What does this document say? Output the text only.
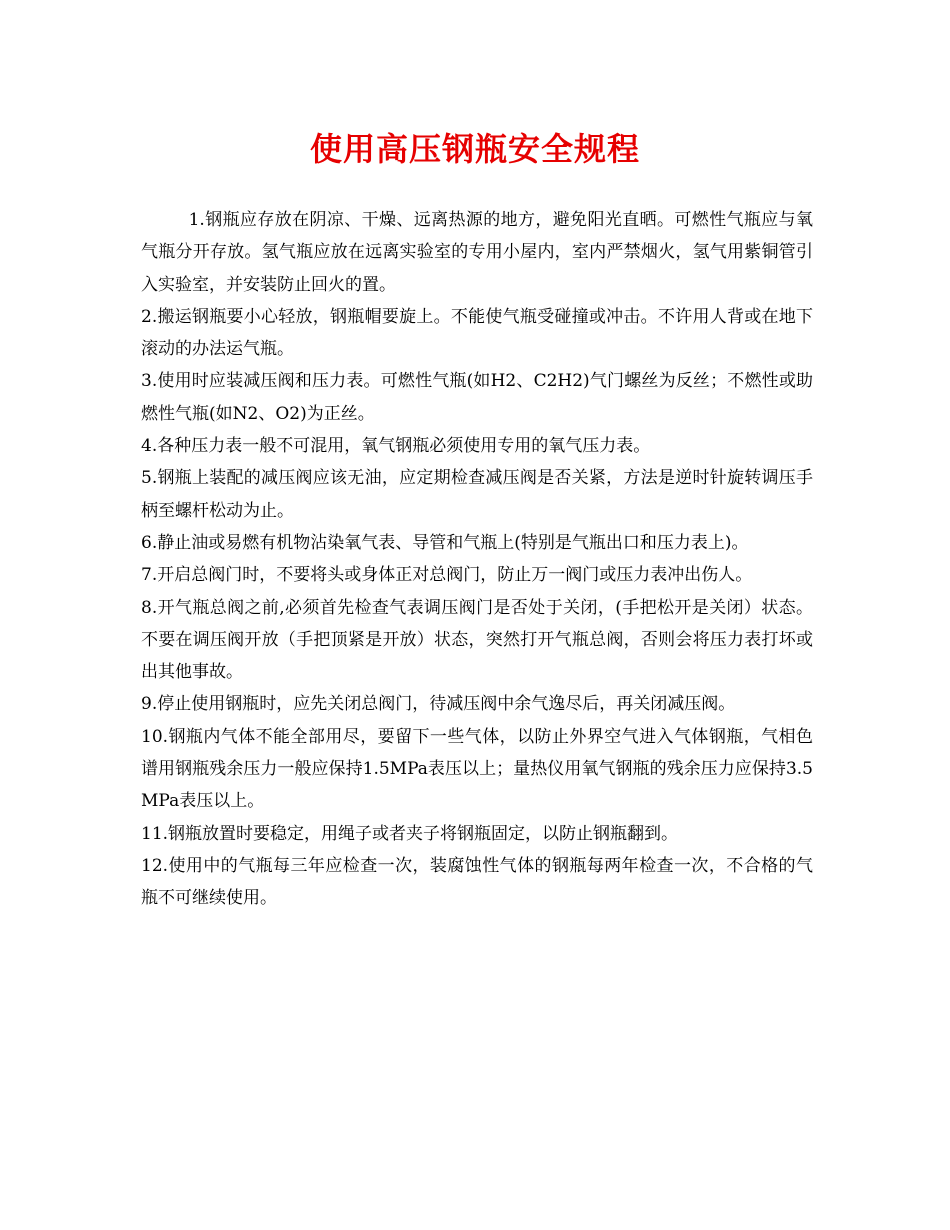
使用高压钢瓶安全规程

1.钢瓶应存放在阴凉、干燥、远离热源的地方，避免阳光直晒。可燃性气瓶应与氧气瓶分开存放。氢气瓶应放在远离实验室的专用小屋内，室内严禁烟火，氢气用紫铜管引入实验室，并安装防止回火的置。

2.搬运钢瓶要小心轻放，钢瓶帽要旋上。不能使气瓶受碰撞或冲击。不许用人背或在地下滚动的办法运气瓶。

3.使用时应装减压阀和压力表。可燃性气瓶(如H2、C2H2)气门螺丝为反丝；不燃性或助燃性气瓶(如N2、O2)为正丝。

4.各种压力表一般不可混用，氧气钢瓶必须使用专用的氧气压力表。

5.钢瓶上装配的减压阀应该无油，应定期检查减压阀是否关紧，方法是逆时针旋转调压手柄至螺杆松动为止。

6.静止油或易燃有机物沾染氧气表、导管和气瓶上(特别是气瓶出口和压力表上)。

7.开启总阀门时，不要将头或身体正对总阀门，防止万一阀门或压力表冲出伤人。

8.开气瓶总阀之前,必须首先检查气表调压阀门是否处于关闭，(手把松开是关闭）状态。不要在调压阀开放（手把顶紧是开放）状态，突然打开气瓶总阀，否则会将压力表打坏或出其他事故。

9.停止使用钢瓶时，应先关闭总阀门，待减压阀中余气逸尽后，再关闭减压阀。

10.钢瓶内气体不能全部用尽，要留下一些气体，以防止外界空气进入气体钢瓶，气相色谱用钢瓶残余压力一般应保持1.5MPa表压以上；量热仪用氧气钢瓶的残余压力应保持3.5MPa表压以上。

11.钢瓶放置时要稳定，用绳子或者夹子将钢瓶固定，以防止钢瓶翻到。

12.使用中的气瓶每三年应检查一次，装腐蚀性气体的钢瓶每两年检查一次，不合格的气瓶不可继续使用。
